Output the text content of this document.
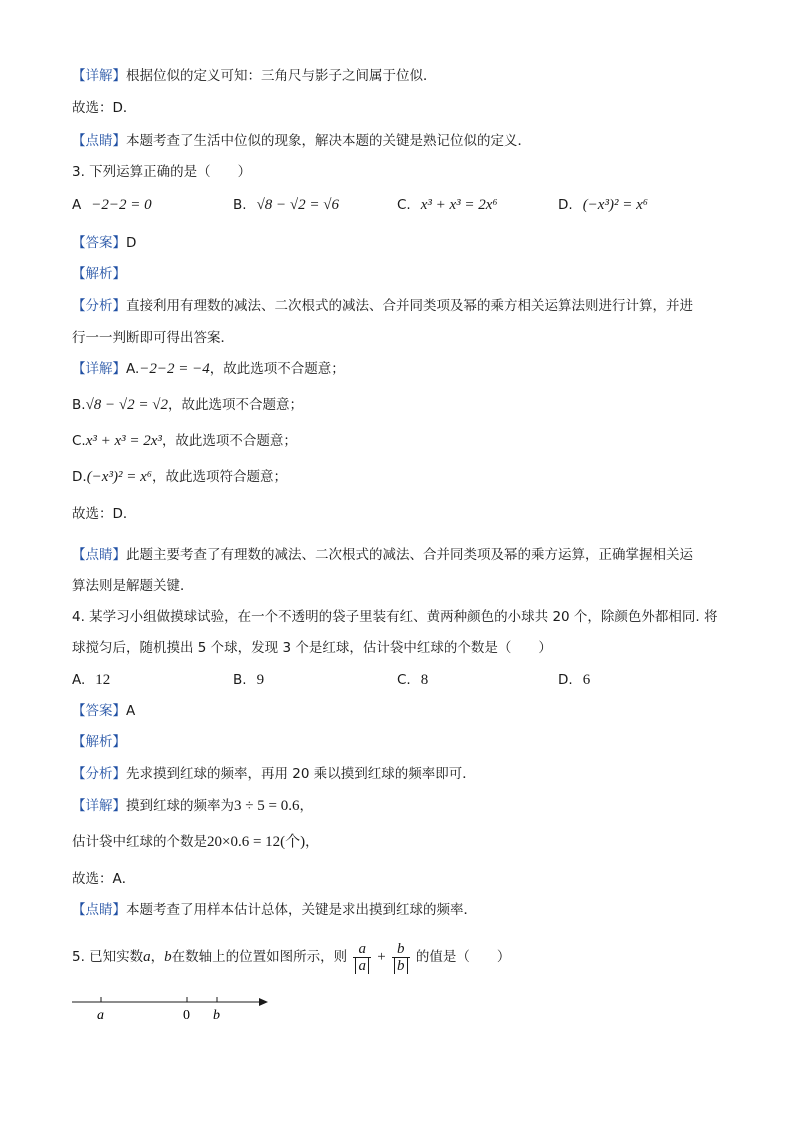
【详解】根据位似的定义可知：三角尺与影子之间属于位似．
故选：D．
【点睛】本题考查了生活中位似的现象，解决本题的关键是熟记位似的定义．
3. 下列运算正确的是（　　）
A −2−2 = 0	B. √8 − √2 = √6	C. x³ + x³ = 2x⁶	D. (−x³)² = x⁶
【答案】D
【解析】
【分析】直接利用有理数的减法、二次根式的减法、合并同类项及幂的乘方相关运算法则进行计算，并进
行一一判断即可得出答案．
【详解】A.−2−2 = −4，故此选项不合题意；
B.√8 − √2 = √2，故此选项不合题意；
C.x³ + x³ = 2x³，故此选项不合题意；
D.(−x³)² = x⁶，故此选项符合题意；
故选：D．
【点睛】此题主要考查了有理数的减法、二次根式的减法、合并同类项及幂的乘方运算，正确掌握相关运
算法则是解题关键．
4. 某学习小组做摸球试验，在一个不透明的袋子里装有红、黄两种颜色的小球共 20 个，除颜色外都相同. 将
球搅匀后，随机摸出 5 个球，发现 3 个是红球，估计袋中红球的个数是（　　）
A. 12	B. 9	C. 8	D. 6
【答案】A
【解析】
【分析】先求摸到红球的频率，再用 20 乘以摸到红球的频率即可．
【详解】摸到红球的频率为3 ÷ 5 = 0.6，
估计袋中红球的个数是20×0.6 = 12(个)，
故选：A．
【点睛】本题考查了用样本估计总体，关键是求出摸到红球的频率．
5. 已知实数a，b在数轴上的位置如图所示，则 $\frac{a}{a} + \frac{b}{b}$ 的值是（　　）
a	0 b
